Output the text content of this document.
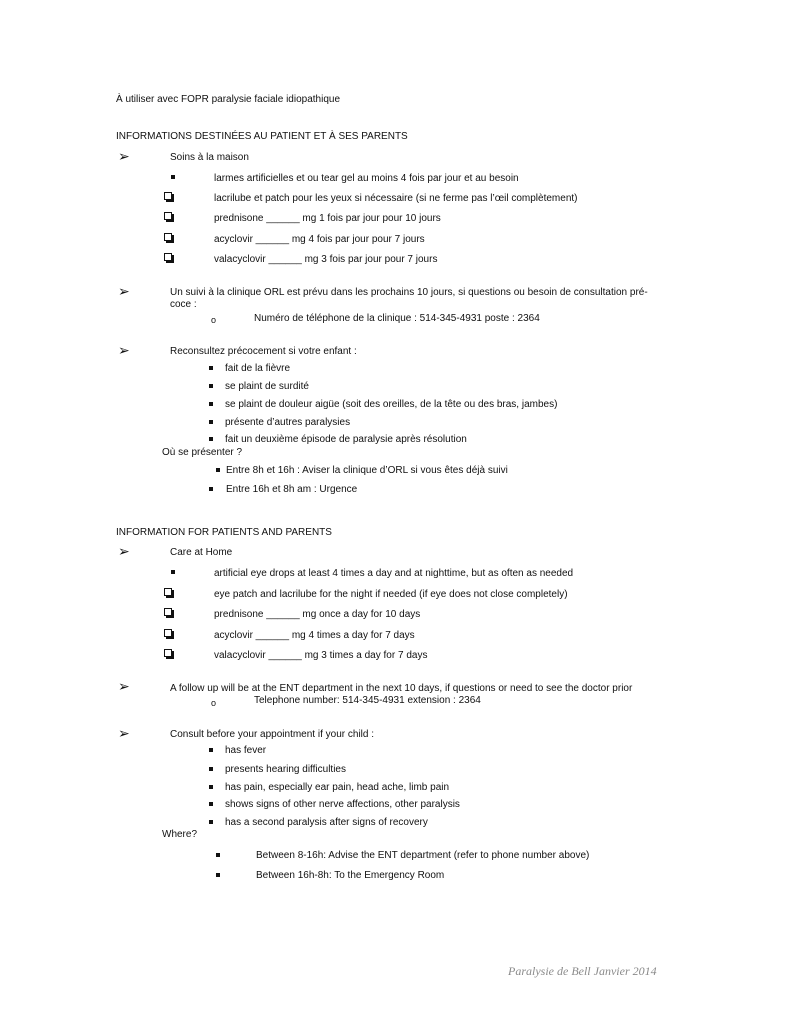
À utiliser avec FOPR paralysie faciale idiopathique
INFORMATIONS DESTINÉES AU PATIENT ET À SES PARENTS
➢	Soins à la maison
larmes artificielles et ou tear gel au moins 4 fois par jour et au besoin
lacrilube et patch pour les yeux si nécessaire (si ne ferme pas l’œil complètement)
prednisone ______ mg 1 fois par jour pour 10 jours
acyclovir ______ mg 4 fois par jour pour 7 jours
valacyclovir ______ mg 3 fois par jour pour 7 jours
➢	Un suivi à la clinique ORL est prévu dans les prochains 10 jours, si questions ou besoin de consultation pré-
coce :
o	Numéro de téléphone de la clinique : 514-345-4931 poste : 2364
➢	Reconsultez précocement si votre enfant :
fait de la fièvre
se plaint de surdité
se plaint de douleur aigüe (soit des oreilles, de la tête ou des bras, jambes)
présente d’autres paralysies
fait un deuxième épisode de paralysie après résolution
Où se présenter ?
Entre 8h et 16h : Aviser la clinique d’ORL si vous êtes déjà suivi
Entre 16h et 8h am : Urgence
INFORMATION FOR PATIENTS AND PARENTS
➢	Care at Home
artificial eye drops at least 4 times a day and at nighttime, but as often as needed
eye patch and lacrilube for the night if needed (if eye does not close completely)
prednisone ______ mg once a day for 10 days
acyclovir ______ mg 4 times a day for 7 days
valacyclovir ______ mg 3 times a day for 7 days
➢	A follow up will be at the ENT department in the next 10 days, if questions or need to see the doctor prior
o	Telephone number: 514-345-4931 extension : 2364
➢	Consult before your appointment if your child :
has fever
presents hearing difficulties
has pain, especially ear pain, head ache, limb pain
shows signs of other nerve affections, other paralysis
has a second paralysis after signs of recovery
Where?
Between 8-16h: Advise the ENT department (refer to phone number above)
Between 16h-8h: To the Emergency Room
Paralysie de Bell Janvier 2014
